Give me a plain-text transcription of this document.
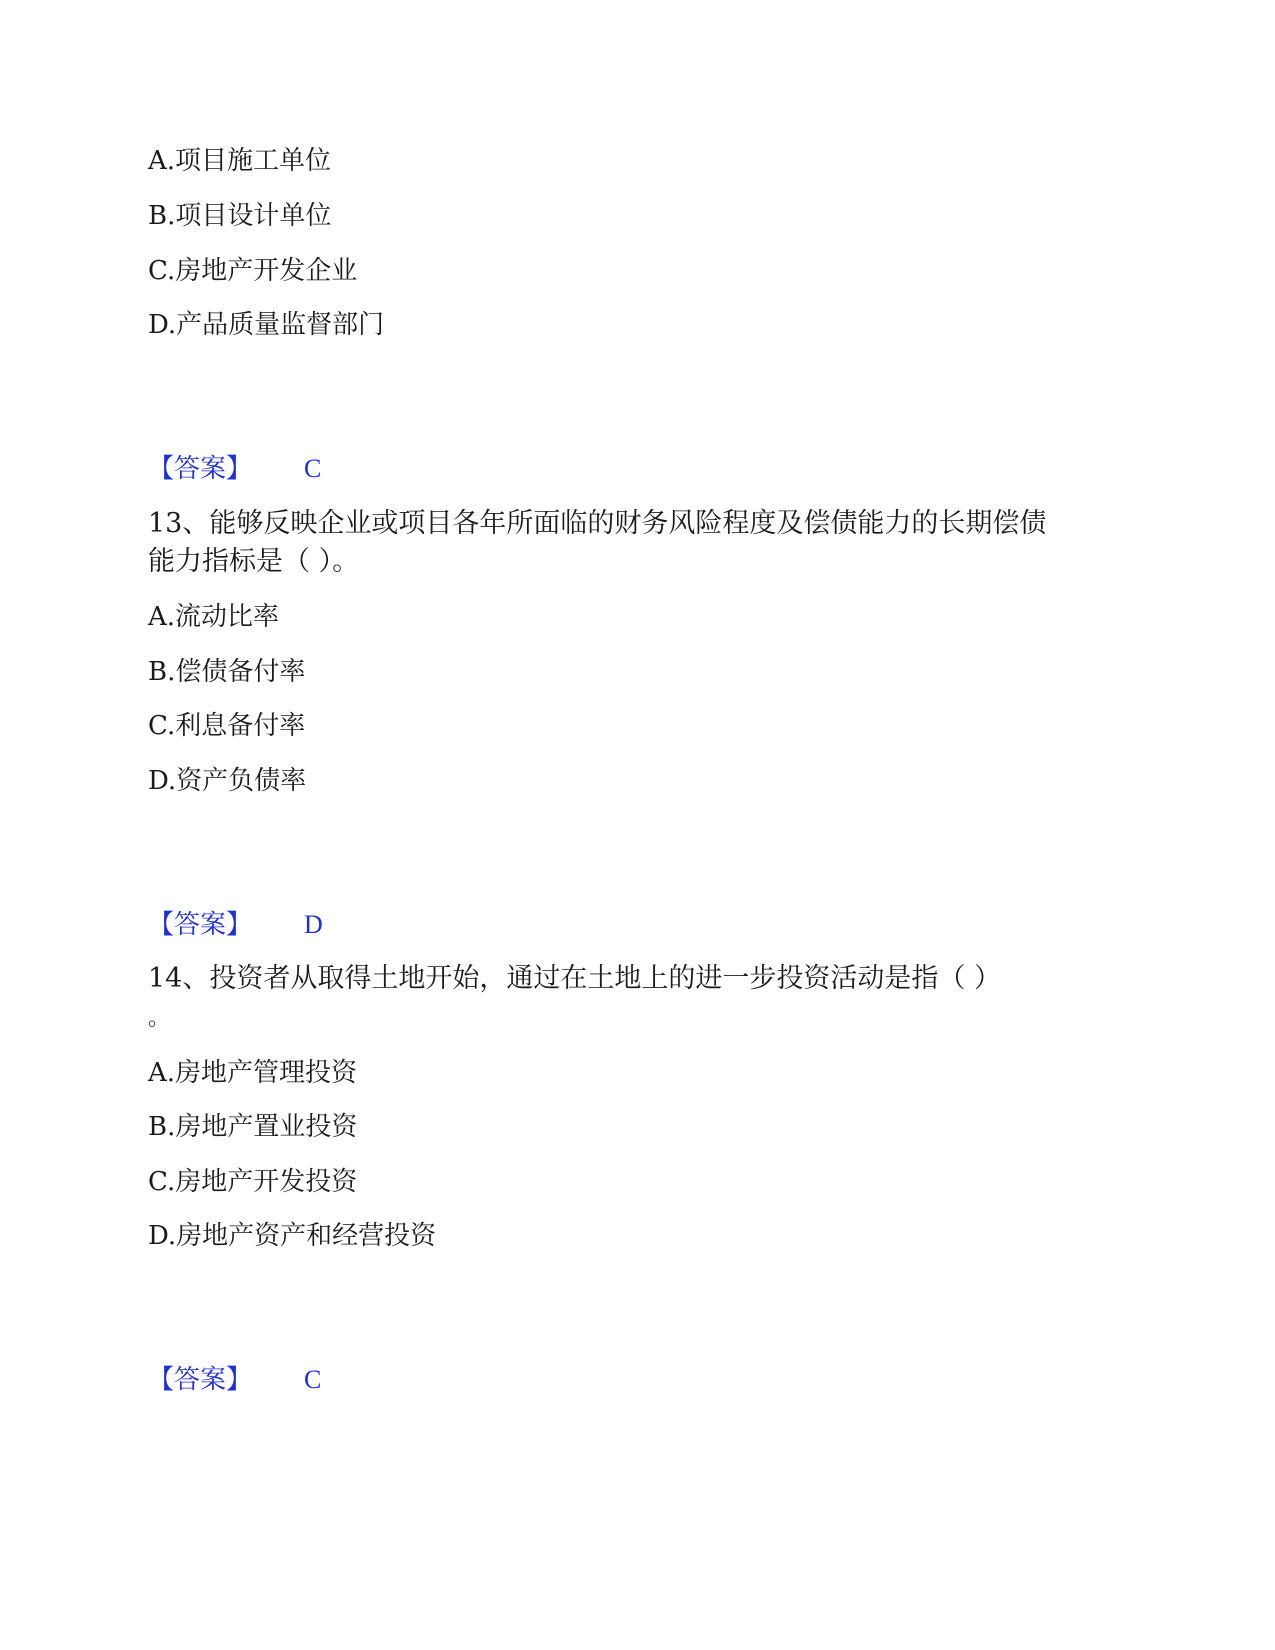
A.项目施工单位
B.项目设计单位
C.房地产开发企业
D.产品质量监督部门
【答案】 C
13、能够反映企业或项目各年所面临的财务风险程度及偿债能力的长期偿债
能力指标是（ ）。
A.流动比率
B.偿债备付率
C.利息备付率
D.资产负债率
【答案】 D
14、投资者从取得土地开始，通过在土地上的进一步投资活动是指（ ）
。
A.房地产管理投资
B.房地产置业投资
C.房地产开发投资
D.房地产资产和经营投资
【答案】 C
